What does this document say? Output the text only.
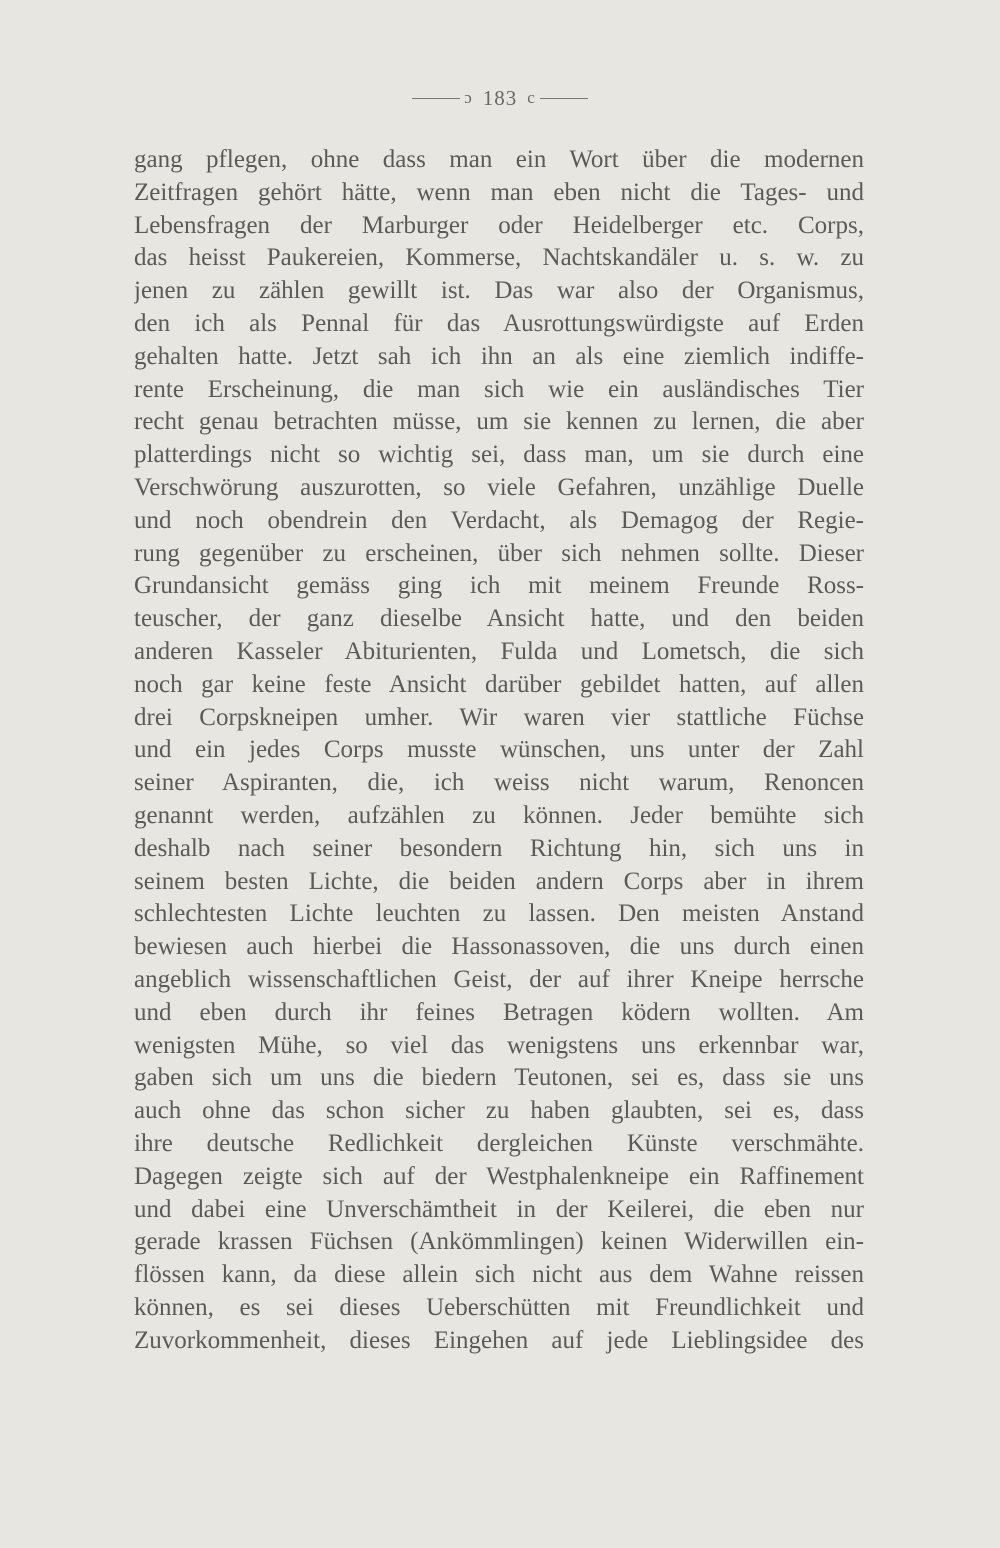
ɔ 183 c
gang pflegen, ohne dass man ein Wort über die modernen
Zeitfragen gehört hätte, wenn man eben nicht die Tages- und
Lebensfragen der Marburger oder Heidelberger etc. Corps,
das heisst Paukereien, Kommerse, Nachtskandäler u. s. w. zu
jenen zu zählen gewillt ist. Das war also der Organismus,
den ich als Pennal für das Ausrottungswürdigste auf Erden
gehalten hatte. Jetzt sah ich ihn an als eine ziemlich indiffe-
rente Erscheinung, die man sich wie ein ausländisches Tier
recht genau betrachten müsse, um sie kennen zu lernen, die aber
platterdings nicht so wichtig sei, dass man, um sie durch eine
Verschwörung auszurotten, so viele Gefahren, unzählige Duelle
und noch obendrein den Verdacht, als Demagog der Regie-
rung gegenüber zu erscheinen, über sich nehmen sollte. Dieser
Grundansicht gemäss ging ich mit meinem Freunde Ross-
teuscher, der ganz dieselbe Ansicht hatte, und den beiden
anderen Kasseler Abiturienten, Fulda und Lometsch, die sich
noch gar keine feste Ansicht darüber gebildet hatten, auf allen
drei Corpskneipen umher. Wir waren vier stattliche Füchse
und ein jedes Corps musste wünschen, uns unter der Zahl
seiner Aspiranten, die, ich weiss nicht warum, Renoncen
genannt werden, aufzählen zu können. Jeder bemühte sich
deshalb nach seiner besondern Richtung hin, sich uns in
seinem besten Lichte, die beiden andern Corps aber in ihrem
schlechtesten Lichte leuchten zu lassen. Den meisten Anstand
bewiesen auch hierbei die Hassonassoven, die uns durch einen
angeblich wissenschaftlichen Geist, der auf ihrer Kneipe herrsche
und eben durch ihr feines Betragen ködern wollten. Am
wenigsten Mühe, so viel das wenigstens uns erkennbar war,
gaben sich um uns die biedern Teutonen, sei es, dass sie uns
auch ohne das schon sicher zu haben glaubten, sei es, dass
ihre deutsche Redlichkeit dergleichen Künste verschmähte.
Dagegen zeigte sich auf der Westphalenkneipe ein Raffinement
und dabei eine Unverschämtheit in der Keilerei, die eben nur
gerade krassen Füchsen (Ankömmlingen) keinen Widerwillen ein-
flössen kann, da diese allein sich nicht aus dem Wahne reissen
können, es sei dieses Ueberschütten mit Freundlichkeit und
Zuvorkommenheit, dieses Eingehen auf jede Lieblingsidee des
